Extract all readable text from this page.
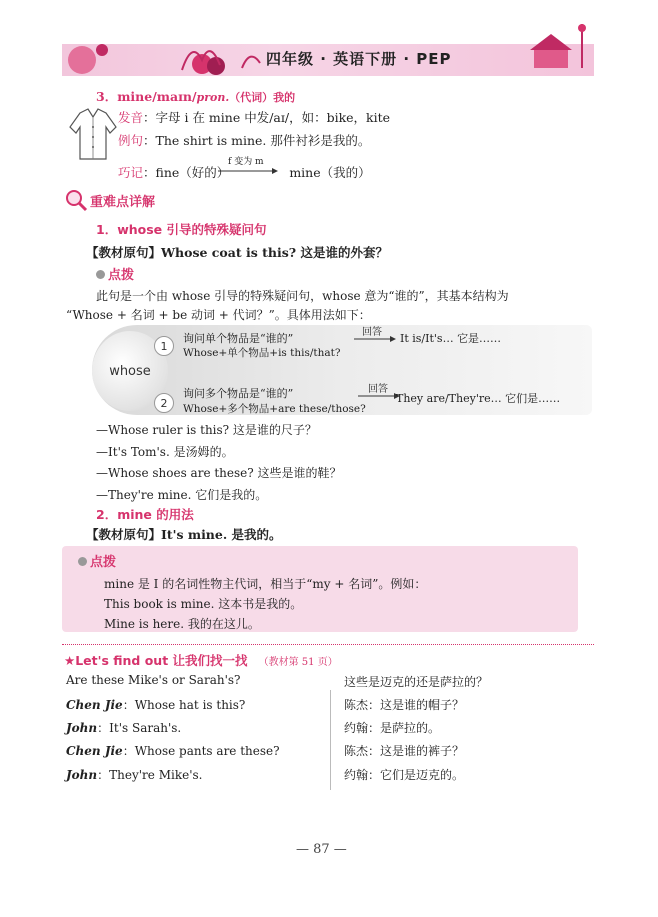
四年级 · 英语下册 · PEP
3．mine/maɪn/pron.（代词）我的
发音：字母 i 在 mine 中发/aɪ/，如：bike，kite
例句：The shirt is mine. 那件衬衫是我的。
巧记：fine（好的）	mine（我的）
f 变为 m
重难点详解
1．whose 引导的特殊疑问句
【教材原句】Whose coat is this? 这是谁的外套？
点拨
此句是一个由 whose 引导的特殊疑问句，whose 意为“谁的”，其基本结构为
“Whose + 名词 + be 动词 + 代词？”。具体用法如下：
whose
1
2
询问单个物品是“谁的”
Whose+单个物品+is this/that?
回答 It is/It's… 它是……
询问多个物品是“谁的”
Whose+多个物品+are these/those?
回答
They are/They're… 它们是……
—Whose ruler is this? 这是谁的尺子？
—It's Tom's. 是汤姆的。
—Whose shoes are these? 这些是谁的鞋？
—They're mine. 它们是我的。
2．mine 的用法
【教材原句】It's mine. 是我的。
点拨
mine 是 I 的名词性物主代词，相当于“my + 名词”。例如：
This book is mine. 这本书是我的。
Mine is here. 我的在这儿。
★Let's find out 让我们找一找 （教材第 51 页）
Are these Mike's or Sarah's?	这些是迈克的还是萨拉的？
Chen Jie：Whose hat is this?	陈杰：这是谁的帽子？
John：It's Sarah's.	约翰：是萨拉的。
Chen Jie：Whose pants are these?	陈杰：这是谁的裤子？
John：They're Mike's.	约翰：它们是迈克的。
— 87 —
